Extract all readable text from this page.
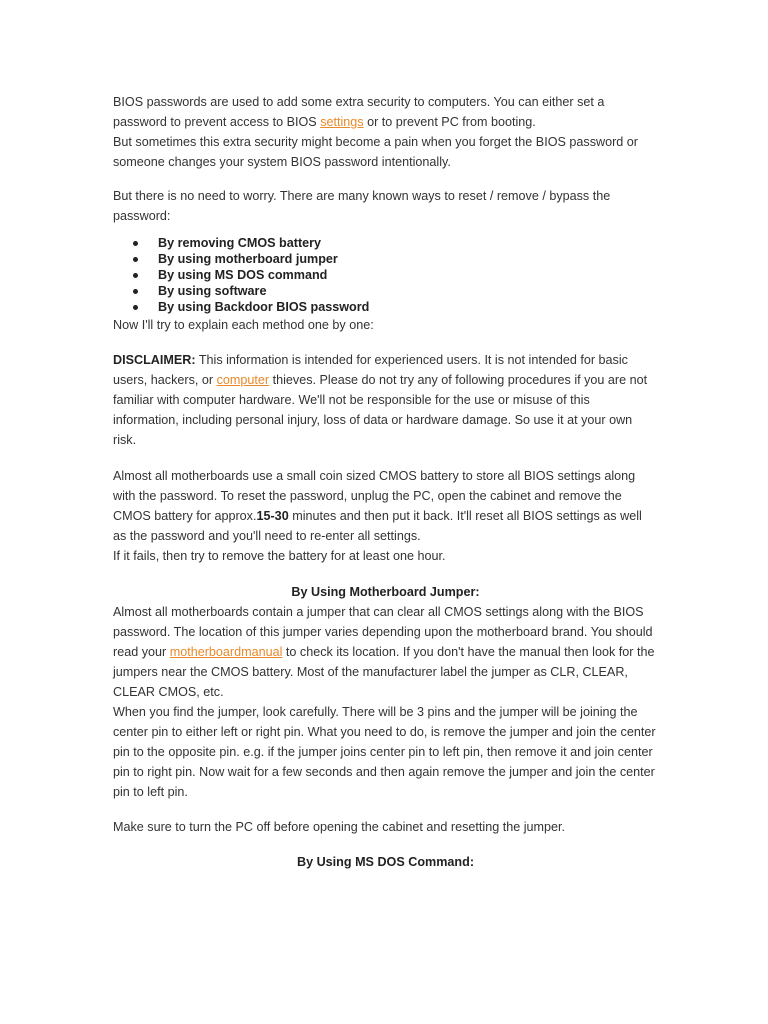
BIOS passwords are used to add some extra security to computers. You can either set a password to prevent access to BIOS settings or to prevent PC from booting.
But sometimes this extra security might become a pain when you forget the BIOS password or someone changes your system BIOS password intentionally.

But there is no need to worry. There are many known ways to reset / remove / bypass the password:

By removing CMOS battery
By using motherboard jumper
By using MS DOS command
By using software
By using Backdoor BIOS password

Now I'll try to explain each method one by one:

DISCLAIMER: This information is intended for experienced users. It is not intended for basic users, hackers, or computer thieves. Please do not try any of following procedures if you are not familiar with computer hardware. We'll not be responsible for the use or misuse of this information, including personal injury, loss of data or hardware damage. So use it at your own risk.

Almost all motherboards use a small coin sized CMOS battery to store all BIOS settings along with the password. To reset the password, unplug the PC, open the cabinet and remove the CMOS battery for approx.15-30 minutes and then put it back. It'll reset all BIOS settings as well as the password and you'll need to re-enter all settings.
If it fails, then try to remove the battery for at least one hour.

By Using Motherboard Jumper:

Almost all motherboards contain a jumper that can clear all CMOS settings along with the BIOS password. The location of this jumper varies depending upon the motherboard brand. You should read your motherboardmanual to check its location. If you don't have the manual then look for the jumpers near the CMOS battery. Most of the manufacturer label the jumper as CLR, CLEAR, CLEAR CMOS, etc.
When you find the jumper, look carefully. There will be 3 pins and the jumper will be joining the center pin to either left or right pin. What you need to do, is remove the jumper and join the center pin to the opposite pin. e.g. if the jumper joins center pin to left pin, then remove it and join center pin to right pin. Now wait for a few seconds and then again remove the jumper and join the center pin to left pin.

Make sure to turn the PC off before opening the cabinet and resetting the jumper.

By Using MS DOS Command:
